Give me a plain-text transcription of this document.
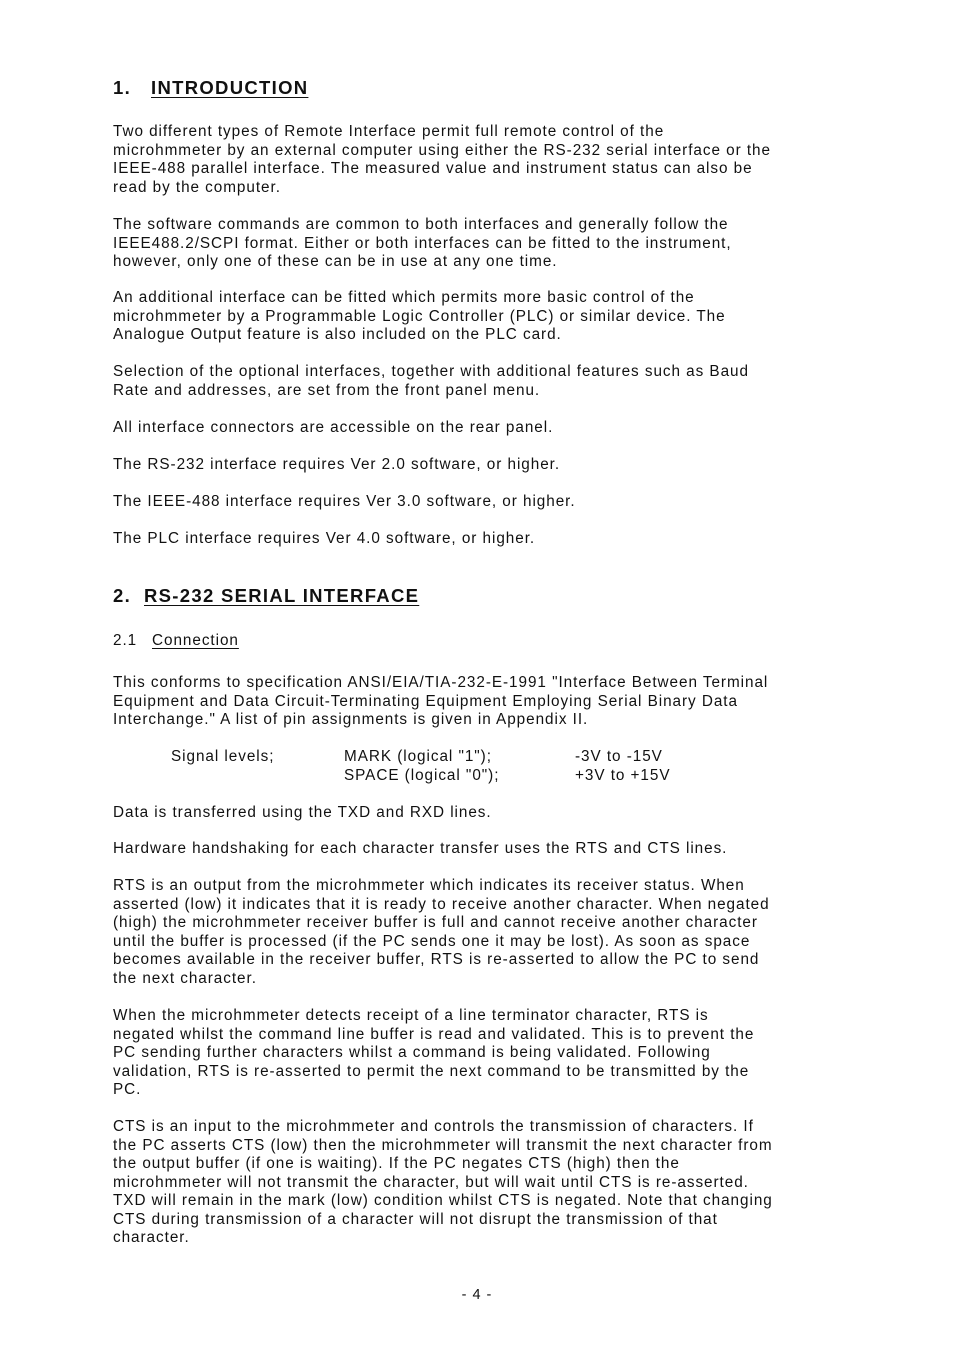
1. INTRODUCTION
Two different types of Remote Interface permit full remote control of the
microhmmeter by an external computer using either the RS-232 serial interface or the
IEEE-488 parallel interface. The measured value and instrument status can also be
read by the computer.
The software commands are common to both interfaces and generally follow the
IEEE488.2/SCPI format. Either or both interfaces can be fitted to the instrument,
however, only one of these can be in use at any one time.
An additional interface can be fitted which permits more basic control of the
microhmmeter by a Programmable Logic Controller (PLC) or similar device. The
Analogue Output feature is also included on the PLC card.
Selection of the optional interfaces, together with additional features such as Baud
Rate and addresses, are set from the front panel menu.
All interface connectors are accessible on the rear panel.
The RS-232 interface requires Ver 2.0 software, or higher.
The IEEE-488 interface requires Ver 3.0 software, or higher.
The PLC interface requires Ver 4.0 software, or higher.
2. RS-232 SERIAL INTERFACE
2.1 Connection
This conforms to specification ANSI/EIA/TIA-232-E-1991 "Interface Between Terminal
Equipment and Data Circuit-Terminating Equipment Employing Serial Binary Data
Interchange." A list of pin assignments is given in Appendix II.
Signal levels;	MARK (logical "1");	-3V to -15V
SPACE (logical "0");	+3V to +15V
Data is transferred using the TXD and RXD lines.
Hardware handshaking for each character transfer uses the RTS and CTS lines.
RTS is an output from the microhmmeter which indicates its receiver status. When
asserted (low) it indicates that it is ready to receive another character. When negated
(high) the microhmmeter receiver buffer is full and cannot receive another character
until the buffer is processed (if the PC sends one it may be lost). As soon as space
becomes available in the receiver buffer, RTS is re-asserted to allow the PC to send
the next character.
When the microhmmeter detects receipt of a line terminator character, RTS is
negated whilst the command line buffer is read and validated. This is to prevent the
PC sending further characters whilst a command is being validated. Following
validation, RTS is re-asserted to permit the next command to be transmitted by the
PC.
CTS is an input to the microhmmeter and controls the transmission of characters. If
the PC asserts CTS (low) then the microhmmeter will transmit the next character from
the output buffer (if one is waiting). If the PC negates CTS (high) then the
microhmmeter will not transmit the character, but will wait until CTS is re-asserted.
TXD will remain in the mark (low) condition whilst CTS is negated. Note that changing
CTS during transmission of a character will not disrupt the transmission of that
character.
- 4 -
